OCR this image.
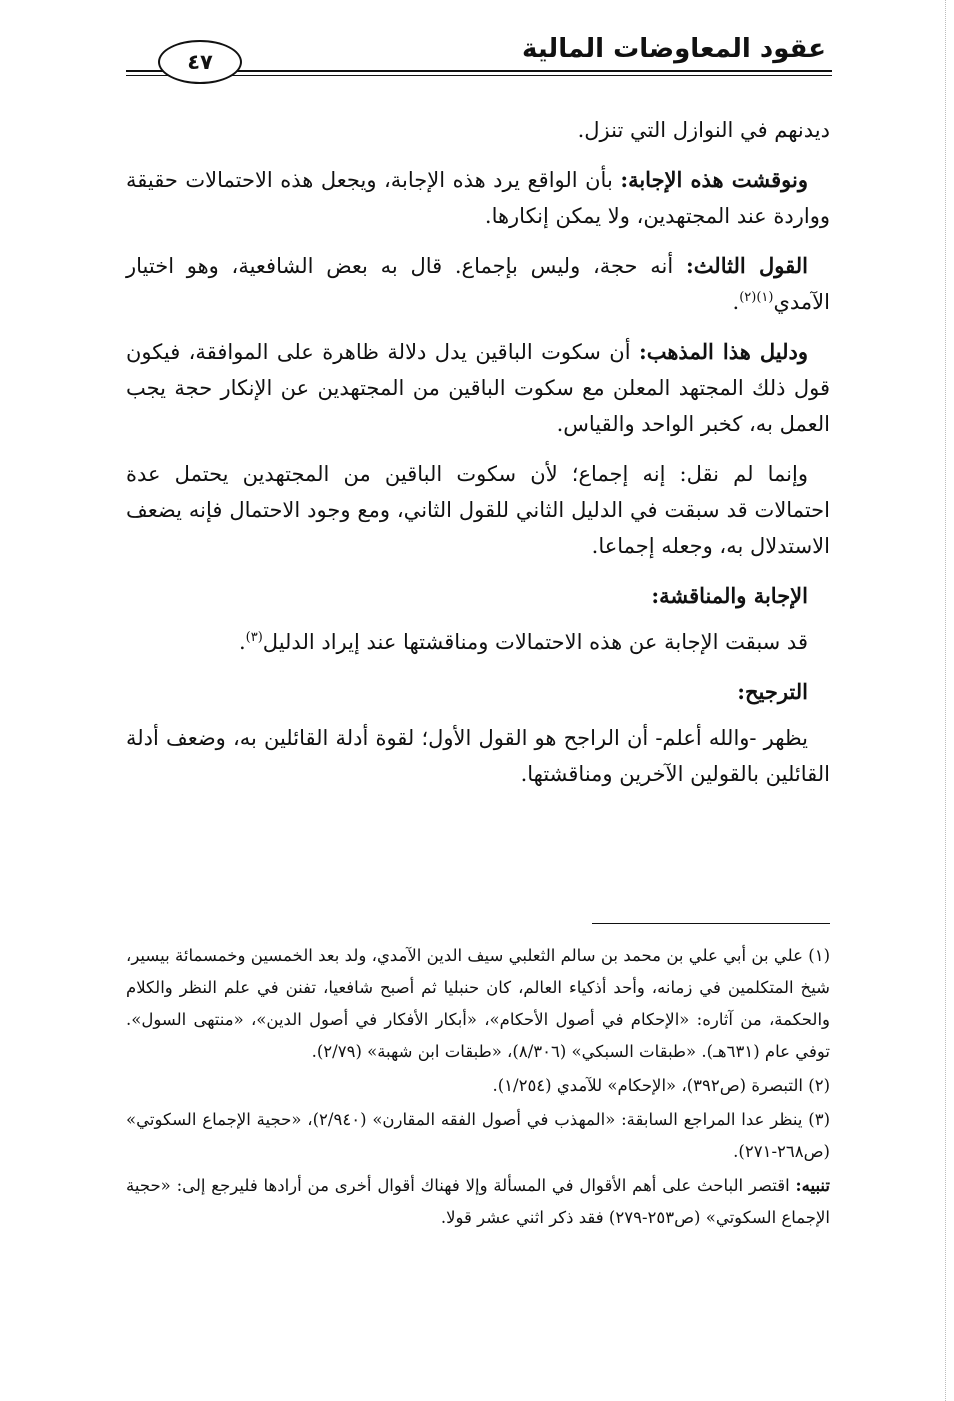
عقود المعاوضات المالية
٤٧

ديدنهم في النوازل التي تنزل.

ونوقشت هذه الإجابة: بأن الواقع يرد هذه الإجابة، ويجعل هذه الاحتمالات حقيقة وواردة عند المجتهدين، ولا يمكن إنكارها.

القول الثالث: أنه حجة، وليس بإجماع. قال به بعض الشافعية، وهو اختيار الآمدي$^{(١)(٢)}$.

ودليل هذا المذهب: أن سكوت الباقين يدل دلالة ظاهرة على الموافقة، فيكون قول ذلك المجتهد المعلن مع سكوت الباقين من المجتهدين عن الإنكار حجة يجب العمل به، كخبر الواحد والقياس.

وإنما لم نقل: إنه إجماع؛ لأن سكوت الباقين من المجتهدين يحتمل عدة احتمالات قد سبقت في الدليل الثاني للقول الثاني، ومع وجود الاحتمال فإنه يضعف الاستدلال به، وجعله إجماعا.

الإجابة والمناقشة:

قد سبقت الإجابة عن هذه الاحتمالات ومناقشتها عند إيراد الدليل$^{(٣)}$.

الترجيح:

يظهر -والله أعلم- أن الراجح هو القول الأول؛ لقوة أدلة القائلين به، وضعف أدلة القائلين بالقولين الآخرين ومناقشتها.

(١) علي بن أبي علي بن محمد بن سالم الثعلبي سيف الدين الآمدي، ولد بعد الخمسين وخمسمائة بيسير، شيخ المتكلمين في زمانه، وأحد أذكياء العالم، كان حنبليا ثم أصبح شافعيا، تفنن في علم النظر والكلام والحكمة، من آثاره: «الإحكام في أصول الأحكام»، «أبكار الأفكار في أصول الدين»، «منتهى السول». توفي عام (٦٣١هـ). «طبقات السبكي» (٨/٣٠٦)، «طبقات ابن شهبة» (٢/٧٩).

(٢) التبصرة (ص٣٩٢)، «الإحكام» للآمدي (١/٢٥٤).

(٣) ينظر عدا المراجع السابقة: «المهذب في أصول الفقه المقارن» (٢/٩٤٠)، «حجية الإجماع السكوتي» (ص٢٦٨-٢٧١).

تنبيه: اقتصر الباحث على أهم الأقوال في المسألة وإلا فهناك أقوال أخرى من أرادها فليرجع إلى: «حجية الإجماع السكوتي» (ص٢٥٣-٢٧٩) فقد ذكر اثني عشر قولا.
